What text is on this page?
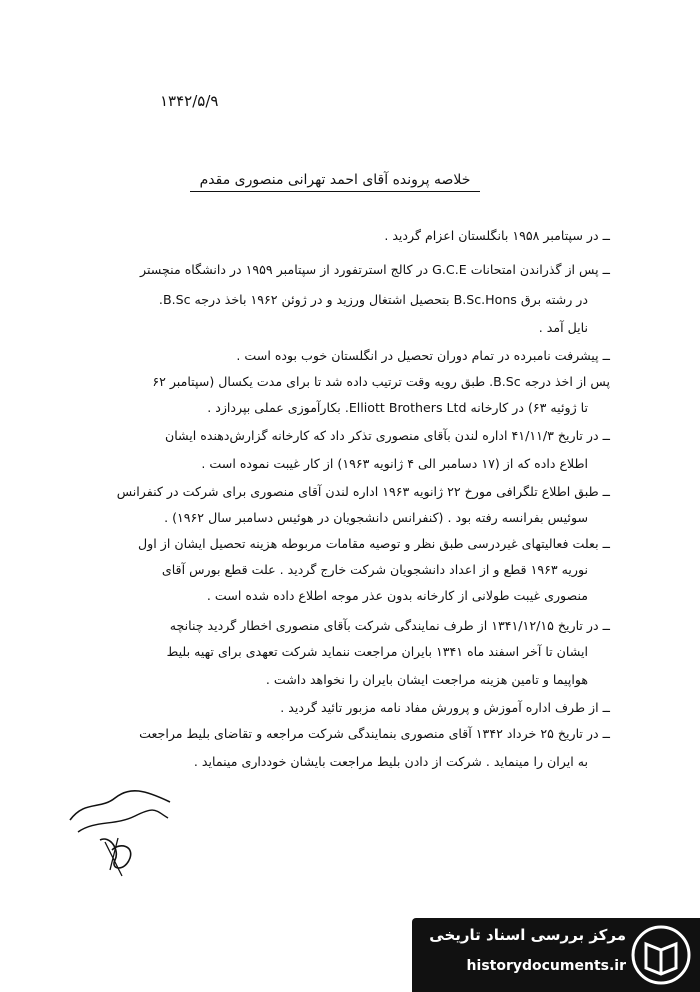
۱۳۴۲/۵/۹
خلاصه پرونده آقای احمد تهرانی منصوری مقدم
ــ در سپتامبر ۱۹۵۸ بانگلستان اعزام گردید .
ــ پس از گذراندن امتحانات G.C.E در کالج استرتفورد از سپتامبر ۱۹۵۹ در دانشگاه منچستر
در رشته برق B.Sc.Hons بتحصیل اشتغال ورزید و در ژوئن ۱۹۶۲ باخذ درجه B.Sc.
نایل آمد .
ــ پیشرفت نامبرده در تمام دوران تحصیل در انگلستان خوب بوده است .
پس از اخذ درجه B.Sc. طبق رویه وقت ترتیب داده شد تا برای مدت یکسال (سپتامبر ۶۲
تا ژوئیه ۶۳) در کارخانه Elliott Brothers Ltd. بکارآموزی عملی بپردازد .
ــ در تاریخ ۴۱/۱۱/۳ اداره لندن بآقای منصوری تذکر داد که کارخانه گزارش‌دهنده ایشان
اطلاع داده که از (۱۷ دسامبر الی ۴ ژانویه ۱۹۶۳) از کار غیبت نموده است .
ــ طبق اطلاع تلگرافی مورخ ۲۲ ژانویه ۱۹۶۳ اداره لندن آقای منصوری برای شرکت در کنفرانس
سوئیس بفرانسه رفته بود . (کنفرانس دانشجویان در هوئیس دسامبر سال ۱۹۶۲) .
ــ بعلت فعالیتهای غیردرسی طبق نظر و توصیه مقامات مربوطه هزینه تحصیل ایشان از اول
نوریه ۱۹۶۳ قطع و از اعداد دانشجویان شرکت خارج گردید . علت قطع بورس آقای
منصوری غیبت طولانی از کارخانه بدون عذر موجه اطلاع داده شده است .
ــ در تاریخ ۱۳۴۱/۱۲/۱۵ از طرف نمایندگی شرکت بآقای منصوری اخطار گردید چنانچه
ایشان تا آخر اسفند ماه ۱۳۴۱ بایران مراجعت ننماید شرکت تعهدی برای تهیه بلیط
هواپیما و تامین هزینه مراجعت ایشان بایران را نخواهد داشت .
ــ از طرف اداره آموزش و پرورش مفاد نامه مزبور تائید گردید .
ــ در تاریخ ۲۵ خرداد ۱۳۴۲ آقای منصوری بنمایندگی شرکت مراجعه و تقاضای بلیط مراجعت
به ایران را مینماید . شرکت از دادن بلیط مراجعت بایشان خودداری مینماید .
مرکز بررسی اسناد تاریخی
historydocuments.ir
